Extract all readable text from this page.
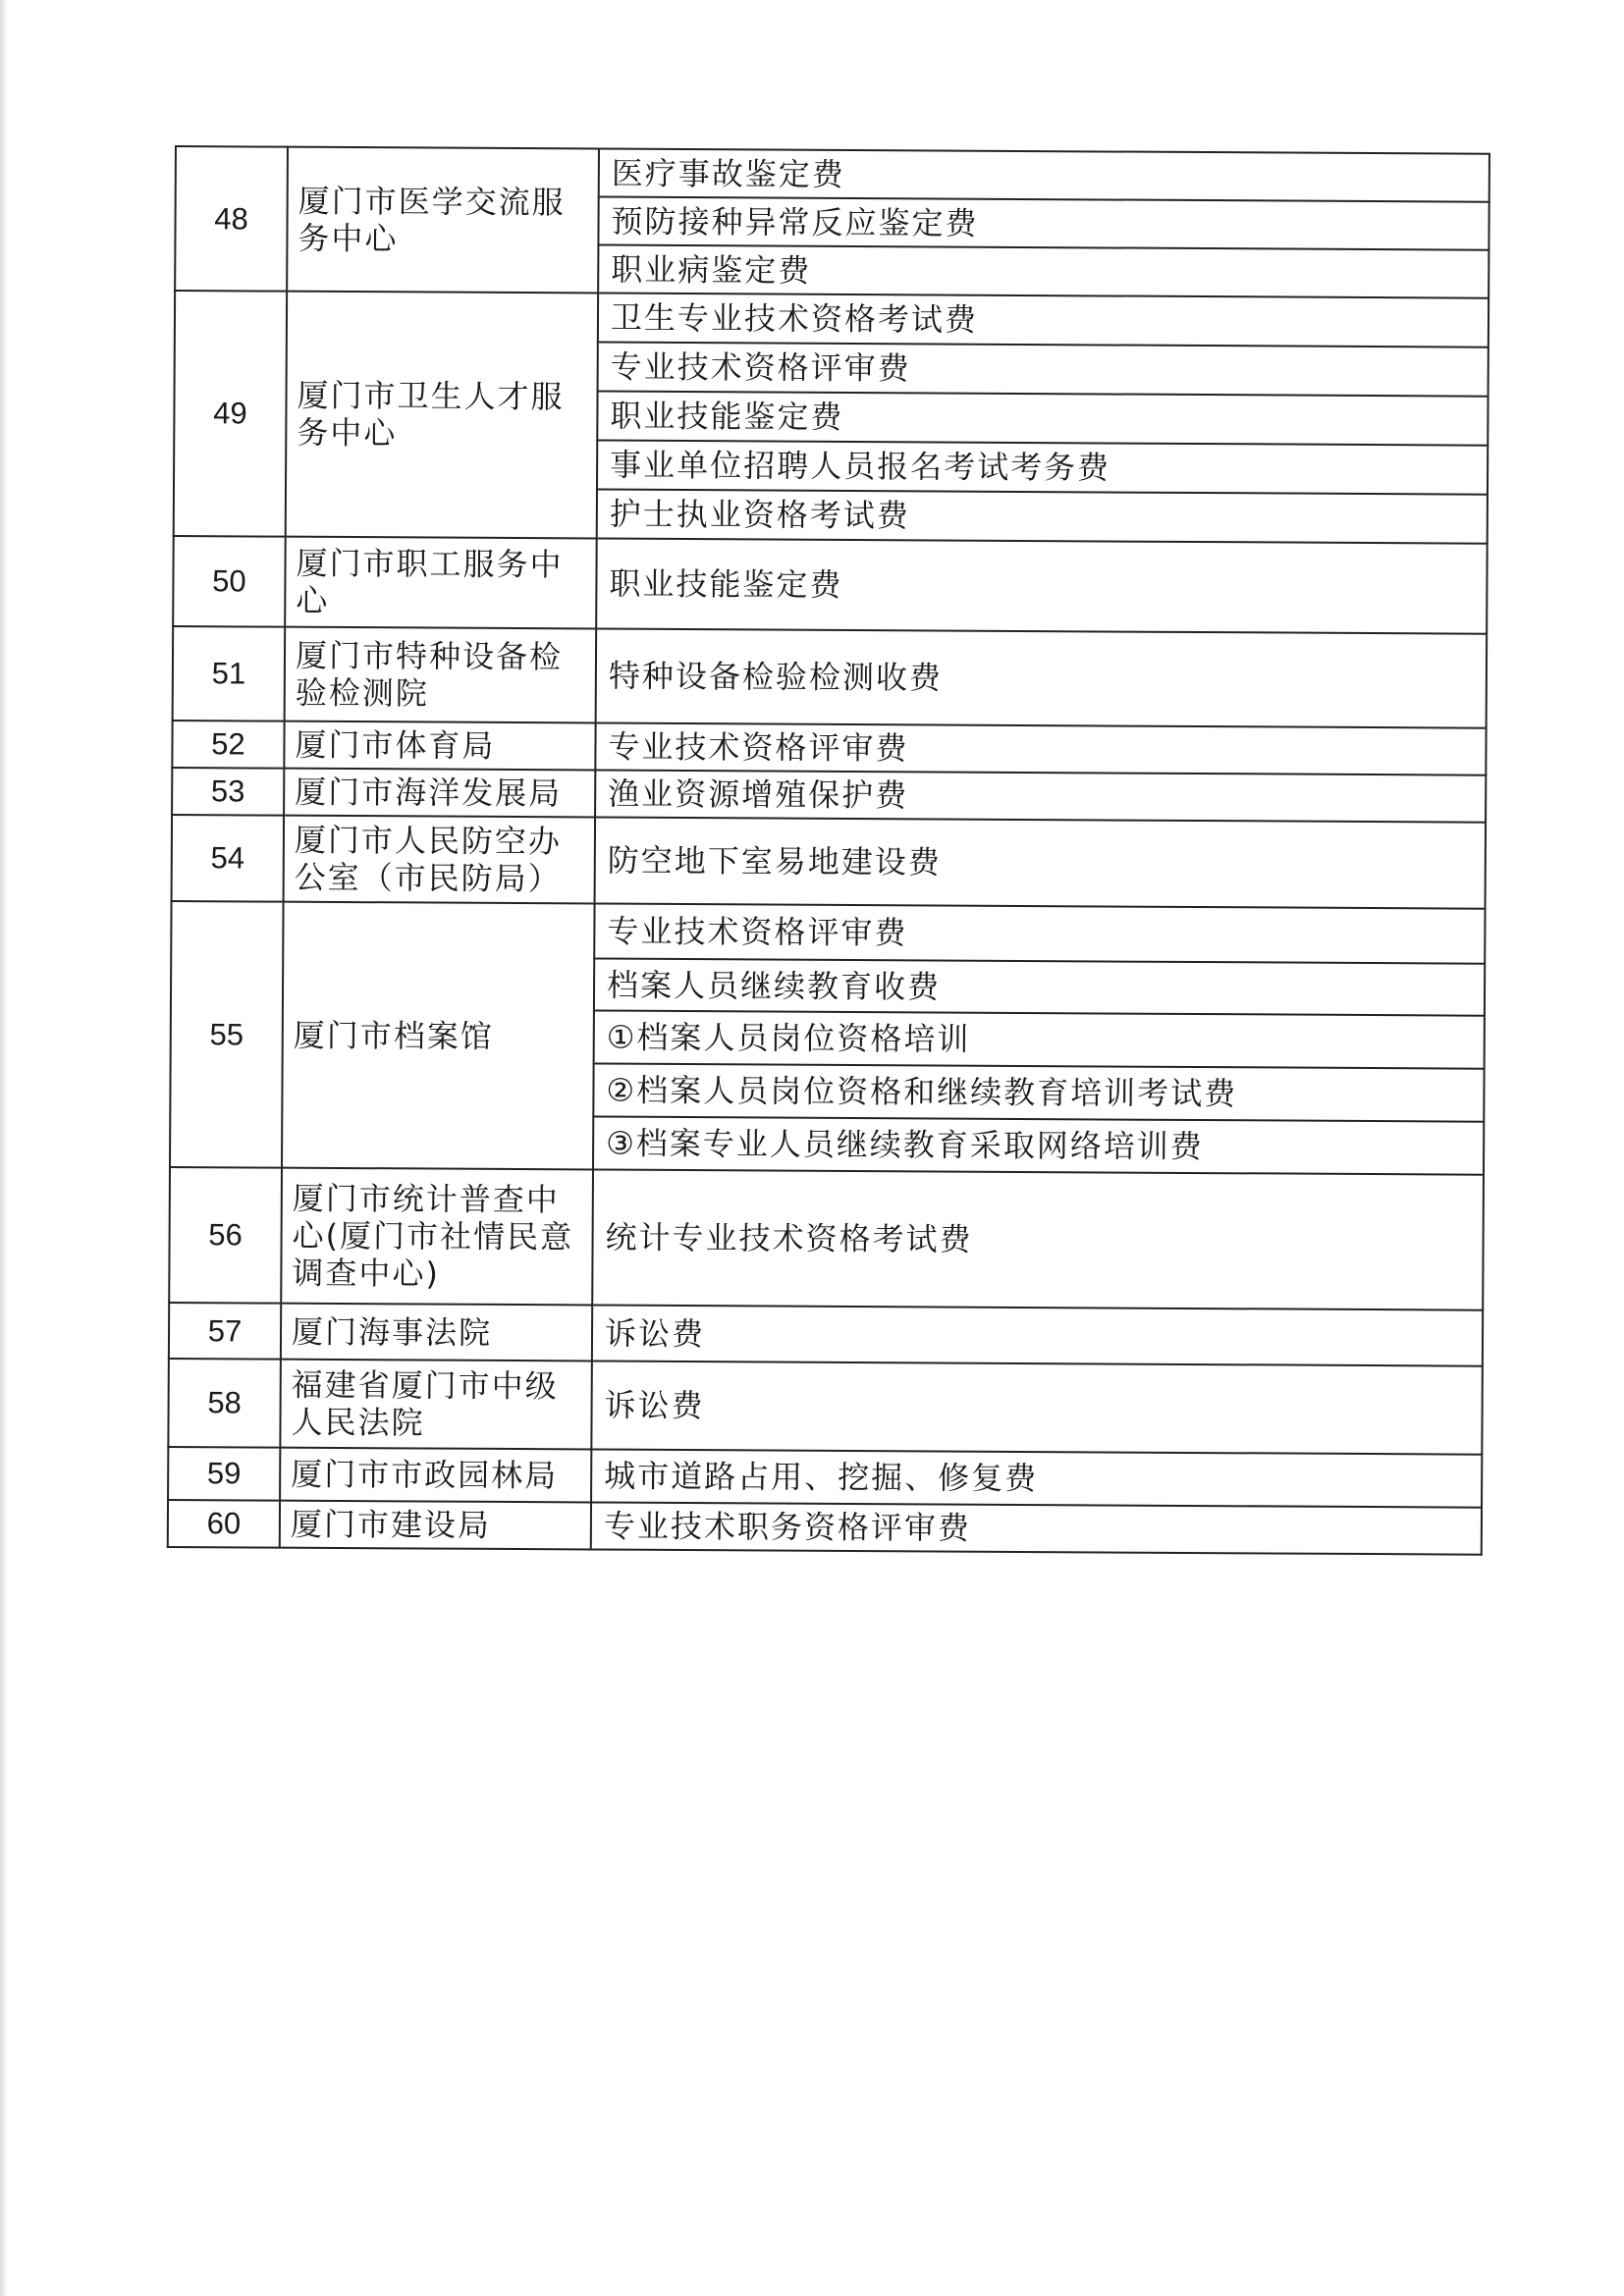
48	厦门市医学交流服务中心	医疗事故鉴定费
		预防接种异常反应鉴定费
		职业病鉴定费
49	厦门市卫生人才服务中心	卫生专业技术资格考试费
		专业技术资格评审费
		职业技能鉴定费
		事业单位招聘人员报名考试考务费
		护士执业资格考试费
50	厦门市职工服务中心	职业技能鉴定费
51	厦门市特种设备检验检测院	特种设备检验检测收费
52	厦门市体育局	专业技术资格评审费
53	厦门市海洋发展局	渔业资源增殖保护费
54	厦门市人民防空办公室（市民防局）	防空地下室易地建设费
55	厦门市档案馆	专业技术资格评审费
		档案人员继续教育收费
		①档案人员岗位资格培训
		②档案人员岗位资格和继续教育培训考试费
		③档案专业人员继续教育采取网络培训费
56	厦门市统计普查中心(厦门市社情民意调查中心)	统计专业技术资格考试费
57	厦门海事法院	诉讼费
58	福建省厦门市中级人民法院	诉讼费
59	厦门市市政园林局	城市道路占用、挖掘、修复费
60	厦门市建设局	专业技术职务资格评审费
